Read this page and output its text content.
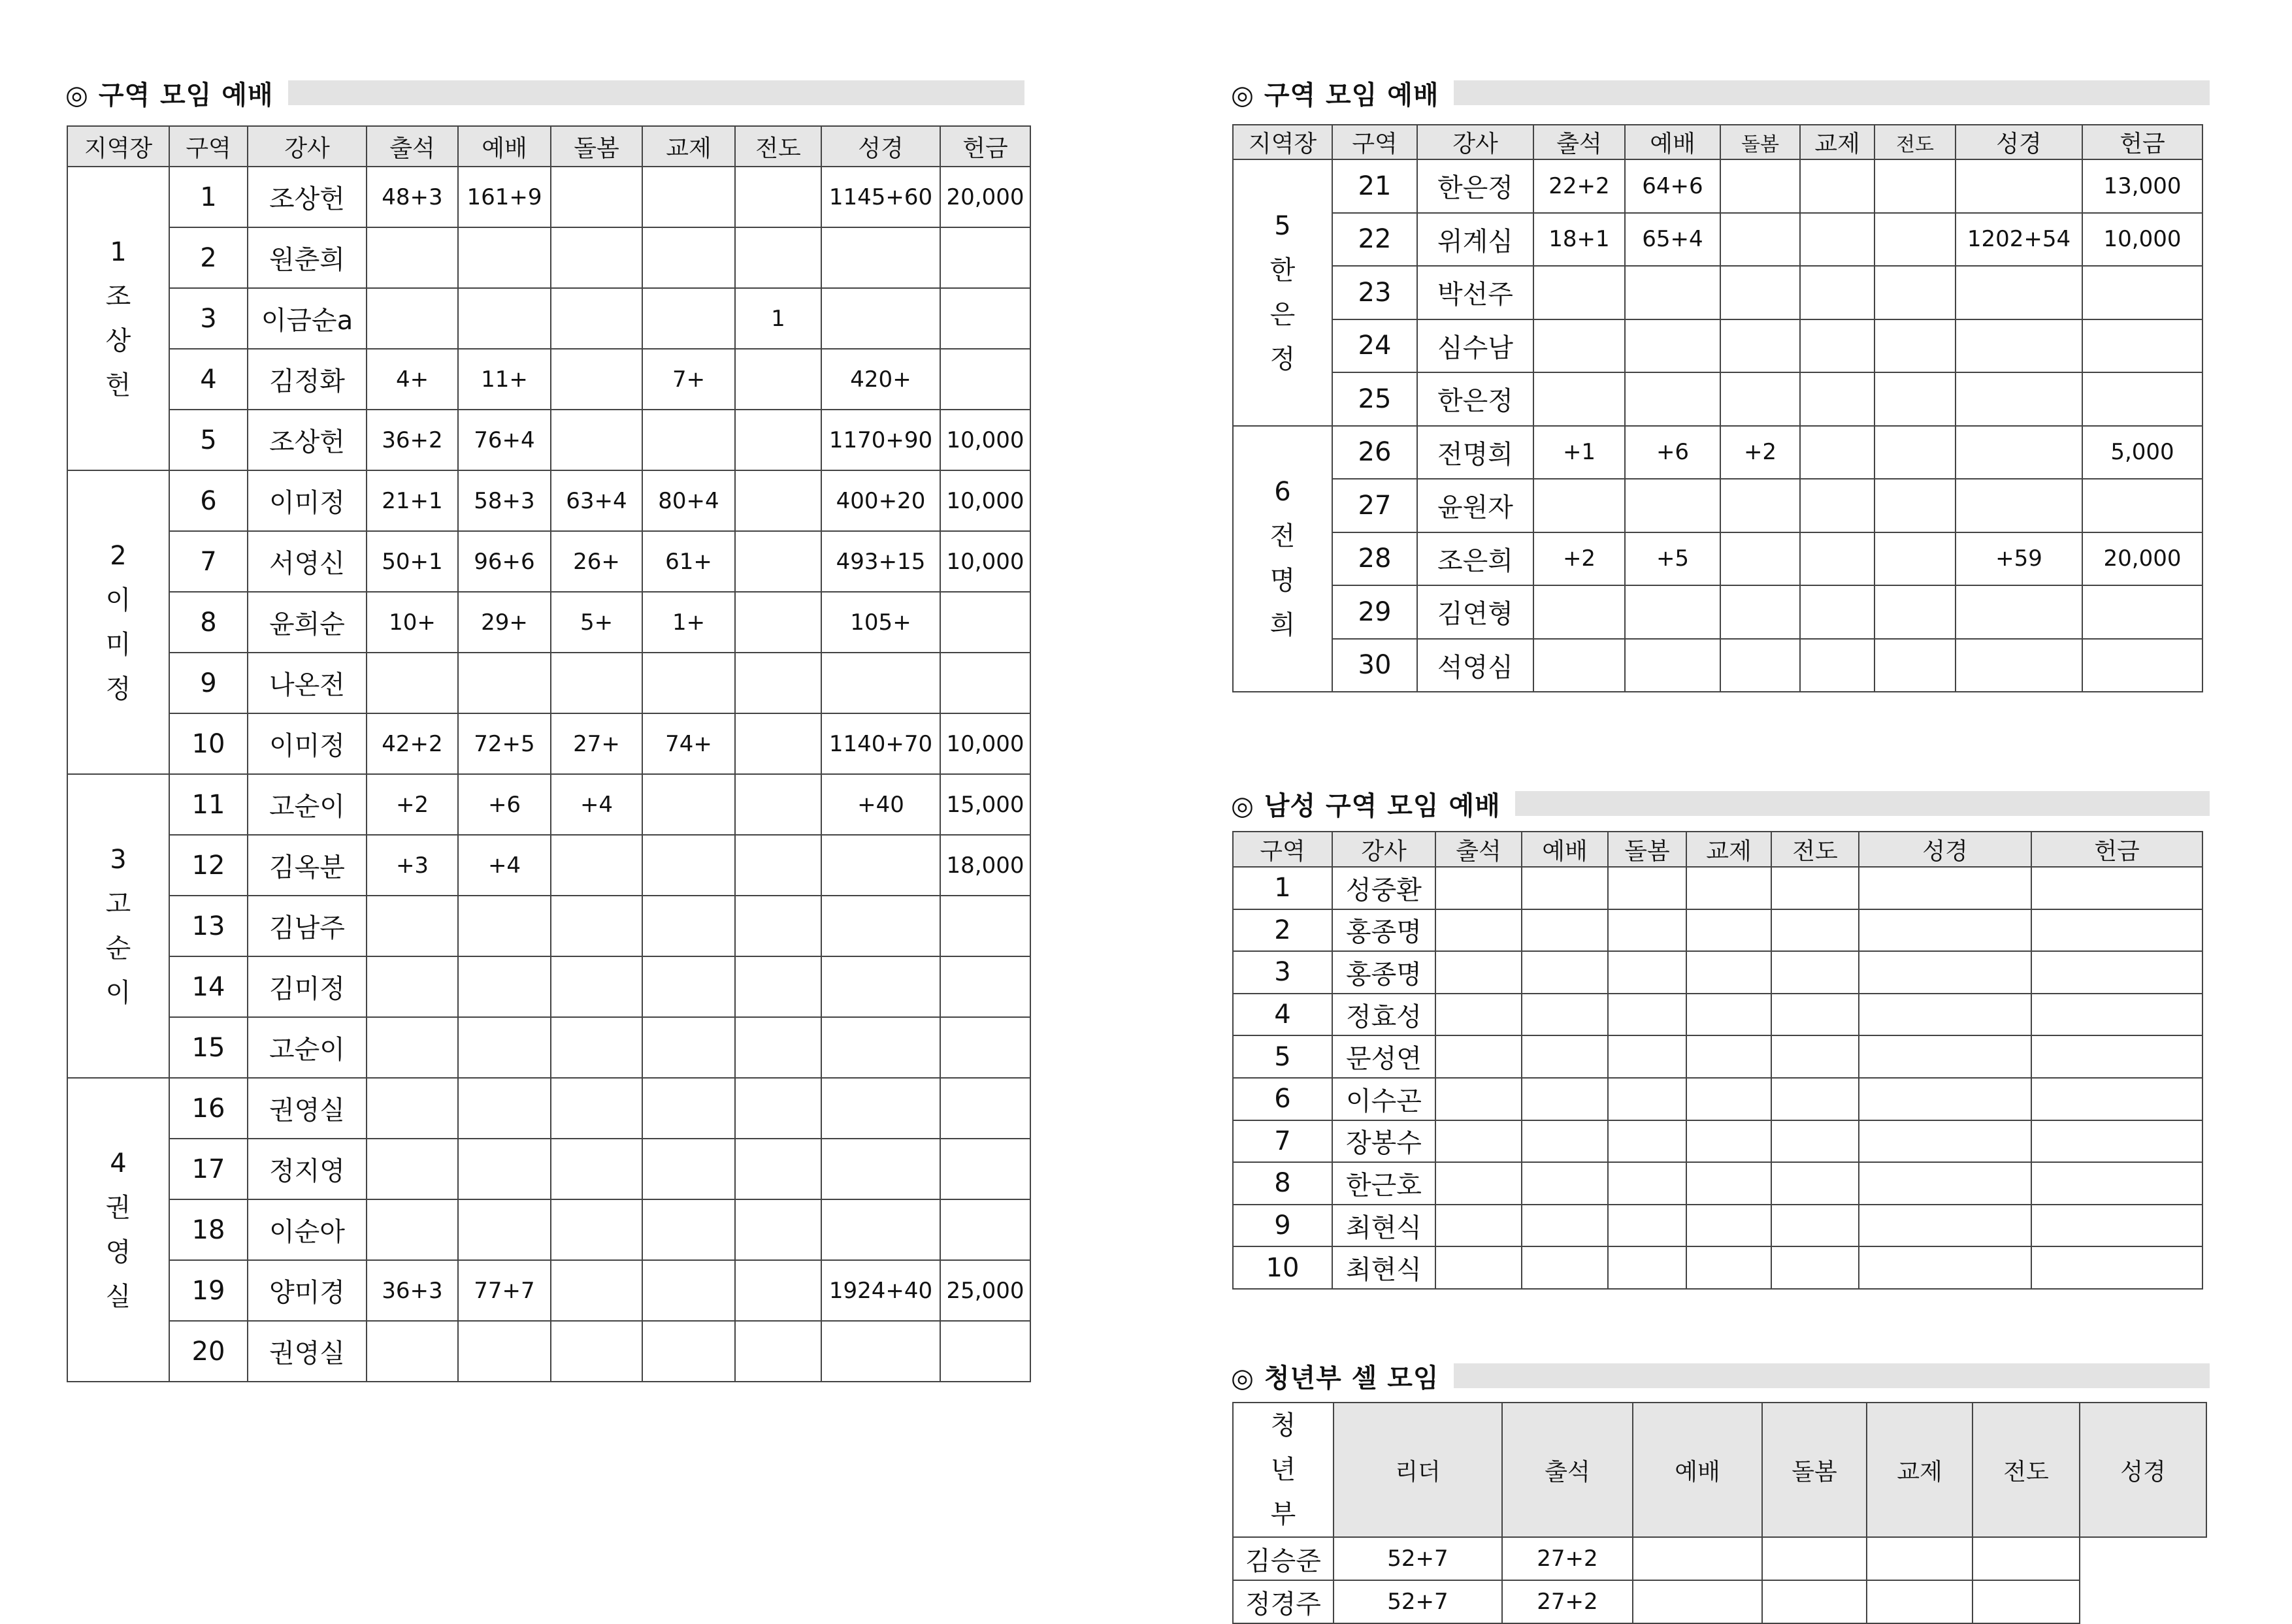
◎ 구역 모임 예배	◎ 구역 모임 예배
◎ 남성 구역 모임 예배
◎ 청년부 셀 모임
지역장	구역	강사	출석	예배	돌봄	교제	전도	성경	헌금

1
조
상
헌	1	조상헌	48+3	161+9				1145+60	20,000
	2	원춘희							
	3	이금순a					1		
	4	김정화	4+	11+		7+		420+	
	5	조상헌	36+2	76+4				1170+90	10,000

2
이
미
정	6	이미정	21+1	58+3	63+4	80+4		400+20	10,000
	7	서영신	50+1	96+6	26+	61+		493+15	10,000
	8	윤희순	10+	29+	5+	1+		105+	
	9	나온전							
	10	이미정	42+2	72+5	27+	74+		1140+70	10,000

3
고
순
이	11	고순이	+2	+6	+4			+40	15,000
	12	김옥분	+3	+4					18,000
	13	김남주							
	14	김미정							
	15	고순이							

4
권
영
실	16	권영실							
	17	정지영							
	18	이순아							
	19	양미경	36+3	77+7				1924+40	25,000
	20	권영실							
지역장	구역	강사	출석	예배	돌봄	교제	전도	성경	헌금

5
한
은
정	21	한은정	22+2	64+6					13,000
	22	위계심	18+1	65+4				1202+54	10,000
	23	박선주							
	24	심수남							
	25	한은정							

6
전
명
희	26	전명희	+1	+6	+2				5,000
	27	윤원자							
	28	조은희	+2	+5				+59	20,000
	29	김연형							
	30	석영심							
구역	강사	출석	예배	돌봄	교제	전도	성경	헌금
1	성중환							
2	홍종명							
3	홍종명							
4	정효성							
5	문성연							
6	이수곤							
7	장봉수							
8	한근호							
9	최현식							
10	최현식							
청
년
부	리더	출석	예배	돌봄	교제	전도	성경
김승준	52+7	27+2					
정경주	52+7	27+2					
